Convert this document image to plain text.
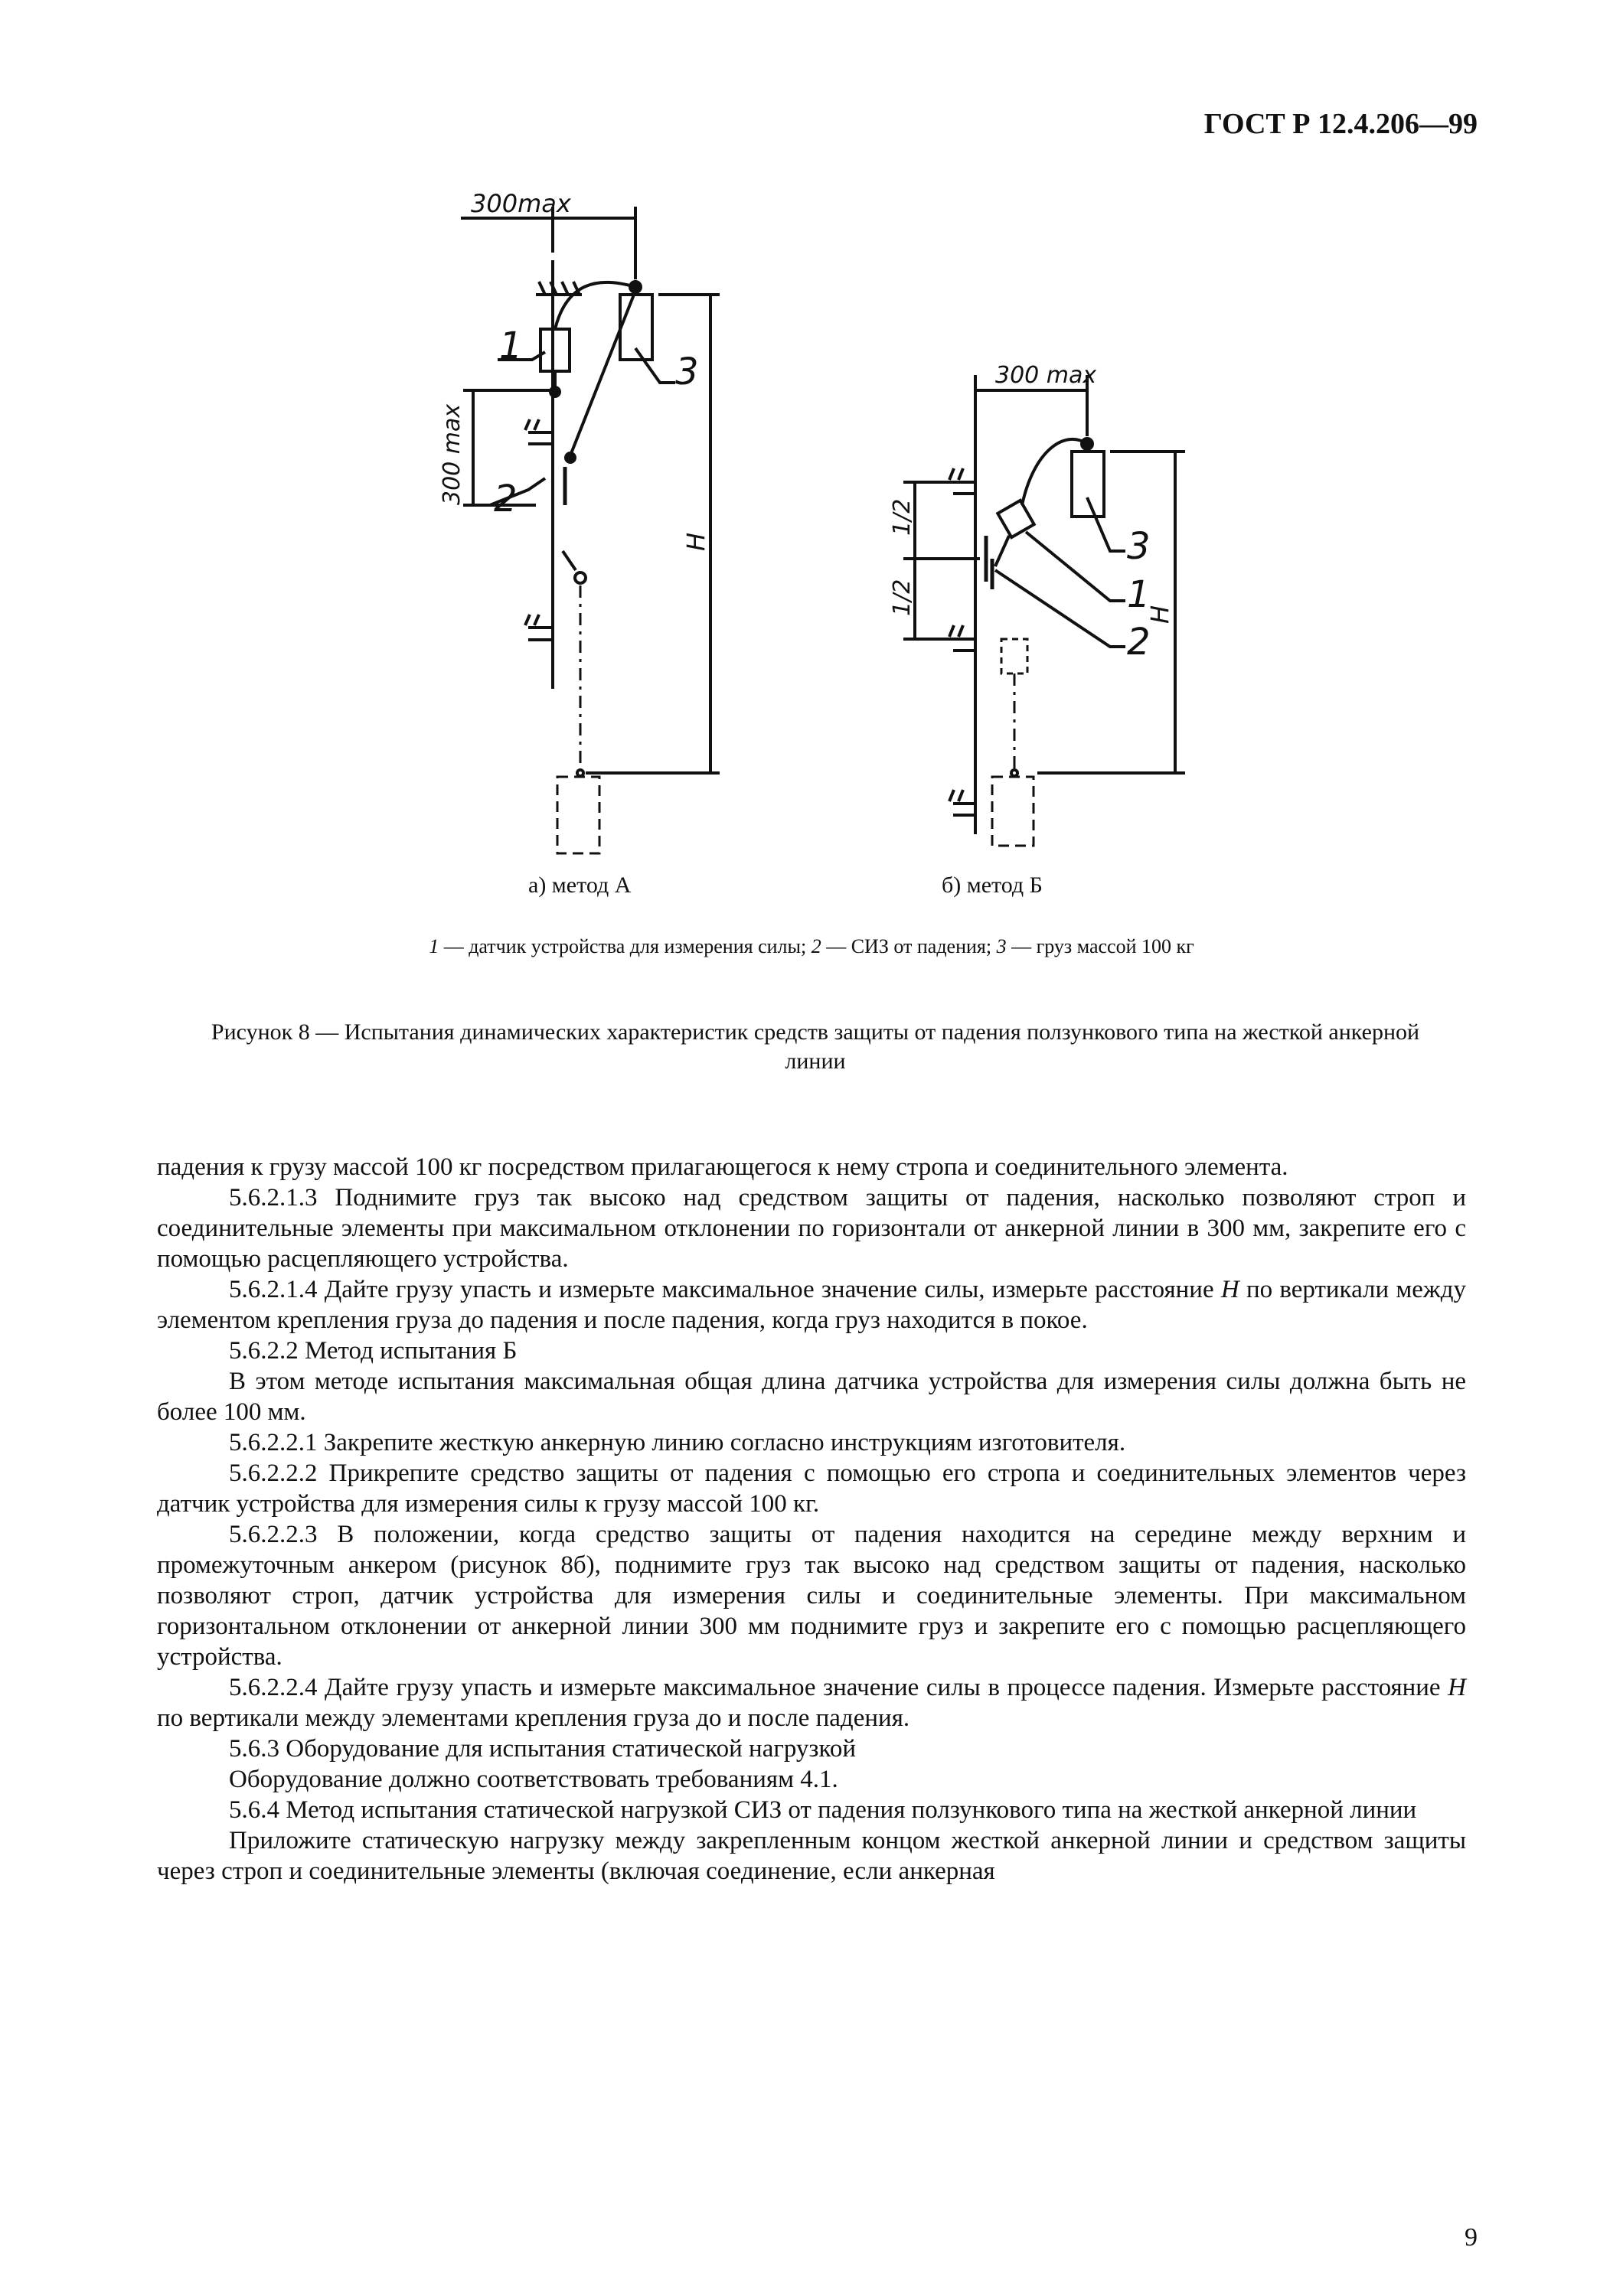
ГОСТ Р 12.4.206—99
300max
300 max
1
2
3
H
300 max
1/2
1/2
3
1
2
H
а) метод А	б) метод Б
1 — датчик устройства для измерения силы; 2 — СИЗ от падения; 3 — груз массой 100 кг
Рисунок 8 — Испытания динамических характеристик средств защиты от падения ползункового типа на жесткой анкерной линии

падения к грузу массой 100 кг посредством прилагающегося к нему стропа и соединительного элемента.

5.6.2.1.3 Поднимите груз так высоко над средством защиты от падения, насколько позволяют строп и соединительные элементы при максимальном отклонении по горизонтали от анкерной линии в 300 мм, закрепите его с помощью расцепляющего устройства.

5.6.2.1.4 Дайте грузу упасть и измерьте максимальное значение силы, измерьте расстояние H по вертикали между элементом крепления груза до падения и после падения, когда груз находится в покое.

5.6.2.2 Метод испытания Б

В этом методе испытания максимальная общая длина датчика устройства для измерения силы должна быть не более 100 мм.

5.6.2.2.1 Закрепите жесткую анкерную линию согласно инструкциям изготовителя.

5.6.2.2.2 Прикрепите средство защиты от падения с помощью его стропа и соединительных элементов через датчик устройства для измерения силы к грузу массой 100 кг.

5.6.2.2.3 В положении, когда средство защиты от падения находится на середине между верхним и промежуточным анкером (рисунок 8б), поднимите груз так высоко над средством защиты от падения, насколько позволяют строп, датчик устройства для измерения силы и соединительные элементы. При максимальном горизонтальном отклонении от анкерной линии 300 мм поднимите груз и закрепите его с помощью расцепляющего устройства.

5.6.2.2.4 Дайте грузу упасть и измерьте максимальное значение силы в процессе падения. Измерьте расстояние H по вертикали между элементами крепления груза до и после падения.

5.6.3 Оборудование для испытания статической нагрузкой

Оборудование должно соответствовать требованиям 4.1.

5.6.4 Метод испытания статической нагрузкой СИЗ от падения ползункового типа на жесткой анкерной линии

Приложите статическую нагрузку между закрепленным концом жесткой анкерной линии и средством защиты через строп и соединительные элементы (включая соединение, если анкерная

9
